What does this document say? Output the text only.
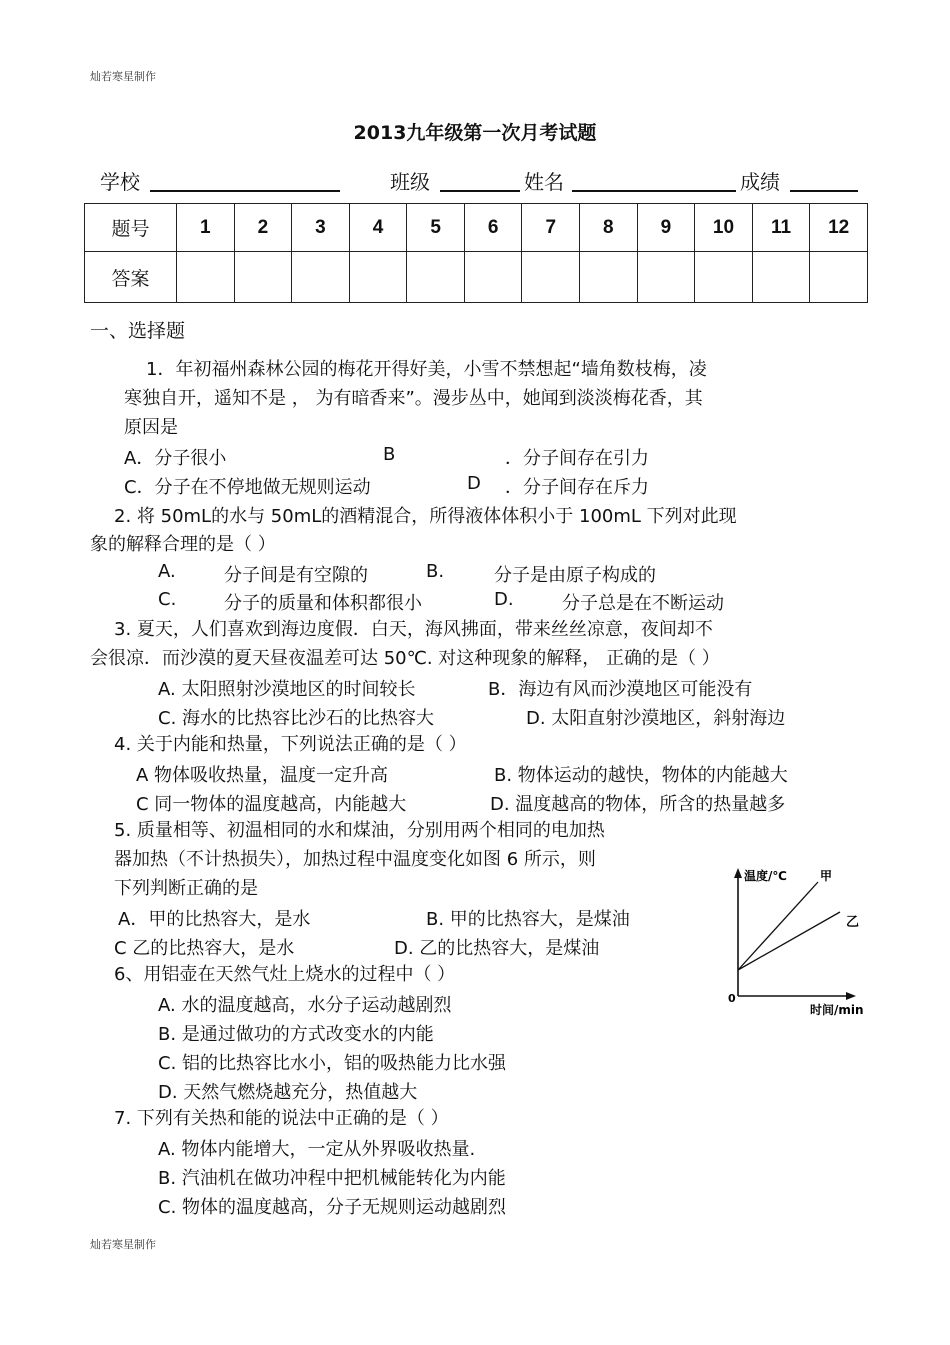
灿若寒星制作
2013九年级第一次月考试题
学校	班级	姓名	成绩
题号	1	2	3	4	5	6	7	8	9	10	11	12
答案												
一、选择题
1．年初福州森林公园的梅花开得好美，小雪不禁想起“墙角数枝梅，凌
寒独自开，遥知不是 ， 为有暗香来”。漫步丛中，她闻到淡淡梅花香，其
原因是
A．分子很小	B	．分子间存在引力
C．分子在不停地做无规则运动	D ．分子间存在斥力
2. 将 50mL的水与 50mL的酒精混合，所得液体体积小于 100mL 下列对此现
象的解释合理的是（ ）
A.	分子间是有空隙的	B.	分子是由原子构成的
C.	分子的质量和体积都很小	D.	分子总是在不断运动
3. 夏天，人们喜欢到海边度假．白天，海风拂面，带来丝丝凉意，夜间却不
会很凉．而沙漠的夏天昼夜温差可达 50℃. 对这种现象的解释， 正确的是（ ）
A. 太阳照射沙漠地区的时间较长	B．海边有风而沙漠地区可能没有
C. 海水的比热容比沙石的比热容大	D. 太阳直射沙漠地区，斜射海边
4. 关于内能和热量，下列说法正确的是（ ）
A 物体吸收热量，温度一定升高	B. 物体运动的越快，物体的内能越大
C 同一物体的温度越高，内能越大	D. 温度越高的物体，所含的热量越多
5. 质量相等、初温相同的水和煤油，分别用两个相同的电加热
器加热（不计热损失），加热过程中温度变化如图 6 所示，则
下列判断正确的是
A．甲的比热容大，是水	B. 甲的比热容大，是煤油
C 乙的比热容大，是水	D. 乙的比热容大，是煤油
温度/℃	甲
乙
0
时间/min
6、用铝壶在天然气灶上烧水的过程中（ ）
A. 水的温度越高，水分子运动越剧烈
B. 是通过做功的方式改变水的内能
C. 铝的比热容比水小，铝的吸热能力比水强
D. 天然气燃烧越充分，热值越大
7. 下列有关热和能的说法中正确的是（ ）
A. 物体内能增大，一定从外界吸收热量.
B. 汽油机在做功冲程中把机械能转化为内能
C. 物体的温度越高，分子无规则运动越剧烈
灿若寒星制作
